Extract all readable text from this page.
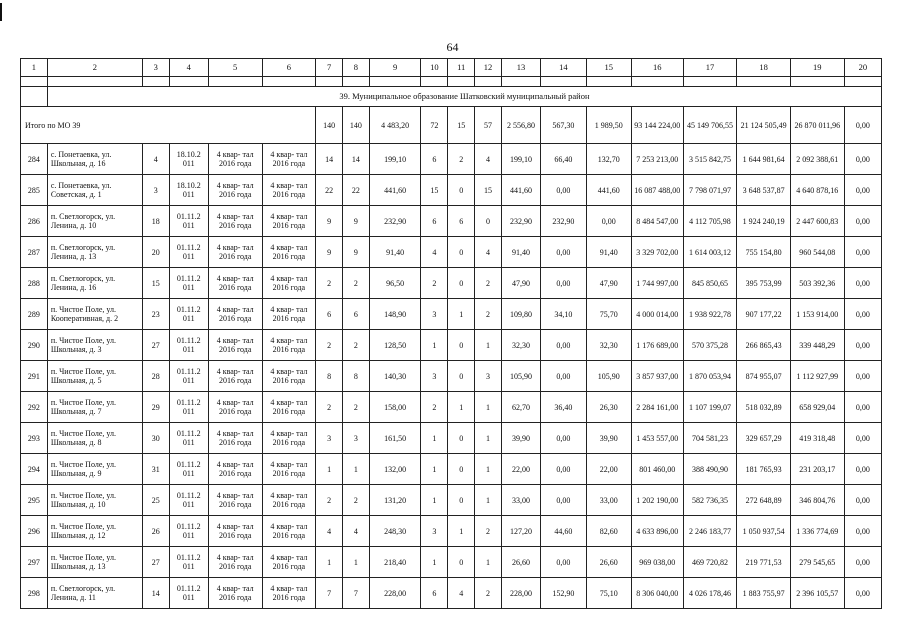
64
1	2	3	4	5	6	7	8	9	10	11	12	13	14	15	16	17	18	19	20

	39. Муниципальное образование Шатковский муниципальный район																		
Итого по МО 39						140	140	4 483,20	72	15	57	2 556,80	567,30	1 989,50	93 144 224,00	45 149 706,55	21 124 505,49	26 870 011,96	0,00
284	с. Понетаевка, ул. Школьная, д. 16	4	18.10.2 011	4 квар- тал 2016 года	4 квар- тал 2016 года	14	14	199,10	6	2	4	199,10	66,40	132,70	7 253 213,00	3 515 842,75	1 644 981,64	2 092 388,61	0,00
285	с. Понетаевка, ул. Советская, д. 1	3	18.10.2 011	4 квар- тал 2016 года	4 квар- тал 2016 года	22	22	441,60	15	0	15	441,60	0,00	441,60	16 087 488,00	7 798 071,97	3 648 537,87	4 640 878,16	0,00
286	п. Светлогорск, ул. Ленина, д. 10	18	01.11.2 011	4 квар- тал 2016 года	4 квар- тал 2016 года	9	9	232,90	6	6	0	232,90	232,90	0,00	8 484 547,00	4 112 705,98	1 924 240,19	2 447 600,83	0,00
287	п. Светлогорск, ул. Ленина, д. 13	20	01.11.2 011	4 квар- тал 2016 года	4 квар- тал 2016 года	9	9	91,40	4	0	4	91,40	0,00	91,40	3 329 702,00	1 614 003,12	755 154,80	960 544,08	0,00
288	п. Светлогорск, ул. Ленина, д. 16	15	01.11.2 011	4 квар- тал 2016 года	4 квар- тал 2016 года	2	2	96,50	2	0	2	47,90	0,00	47,90	1 744 997,00	845 850,65	395 753,99	503 392,36	0,00
289	п. Чистое Поле, ул. Кооперативная, д. 2	23	01.11.2 011	4 квар- тал 2016 года	4 квар- тал 2016 года	6	6	148,90	3	1	2	109,80	34,10	75,70	4 000 014,00	1 938 922,78	907 177,22	1 153 914,00	0,00
290	п. Чистое Поле, ул. Школьная, д. 3	27	01.11.2 011	4 квар- тал 2016 года	4 квар- тал 2016 года	2	2	128,50	1	0	1	32,30	0,00	32,30	1 176 689,00	570 375,28	266 865,43	339 448,29	0,00
291	п. Чистое Поле, ул. Школьная, д. 5	28	01.11.2 011	4 квар- тал 2016 года	4 квар- тал 2016 года	8	8	140,30	3	0	3	105,90	0,00	105,90	3 857 937,00	1 870 053,94	874 955,07	1 112 927,99	0,00
292	п. Чистое Поле, ул. Школьная, д. 7	29	01.11.2 011	4 квар- тал 2016 года	4 квар- тал 2016 года	2	2	158,00	2	1	1	62,70	36,40	26,30	2 284 161,00	1 107 199,07	518 032,89	658 929,04	0,00
293	п. Чистое Поле, ул. Школьная, д. 8	30	01.11.2 011	4 квар- тал 2016 года	4 квар- тал 2016 года	3	3	161,50	1	0	1	39,90	0,00	39,90	1 453 557,00	704 581,23	329 657,29	419 318,48	0,00
294	п. Чистое Поле, ул. Школьная, д. 9	31	01.11.2 011	4 квар- тал 2016 года	4 квар- тал 2016 года	1	1	132,00	1	0	1	22,00	0,00	22,00	801 460,00	388 490,90	181 765,93	231 203,17	0,00
295	п. Чистое Поле, ул. Школьная, д. 10	25	01.11.2 011	4 квар- тал 2016 года	4 квар- тал 2016 года	2	2	131,20	1	0	1	33,00	0,00	33,00	1 202 190,00	582 736,35	272 648,89	346 804,76	0,00
296	п. Чистое Поле, ул. Школьная, д. 12	26	01.11.2 011	4 квар- тал 2016 года	4 квар- тал 2016 года	4	4	248,30	3	1	2	127,20	44,60	82,60	4 633 896,00	2 246 183,77	1 050 937,54	1 336 774,69	0,00
297	п. Чистое Поле, ул. Школьная, д. 13	27	01.11.2 011	4 квар- тал 2016 года	4 квар- тал 2016 года	1	1	218,40	1	0	1	26,60	0,00	26,60	969 038,00	469 720,82	219 771,53	279 545,65	0,00
298	п. Светлогорск, ул. Ленина, д. 11	14	01.11.2 011	4 квар- тал 2016 года	4 квар- тал 2016 года	7	7	228,00	6	4	2	228,00	152,90	75,10	8 306 040,00	4 026 178,46	1 883 755,97	2 396 105,57	0,00
